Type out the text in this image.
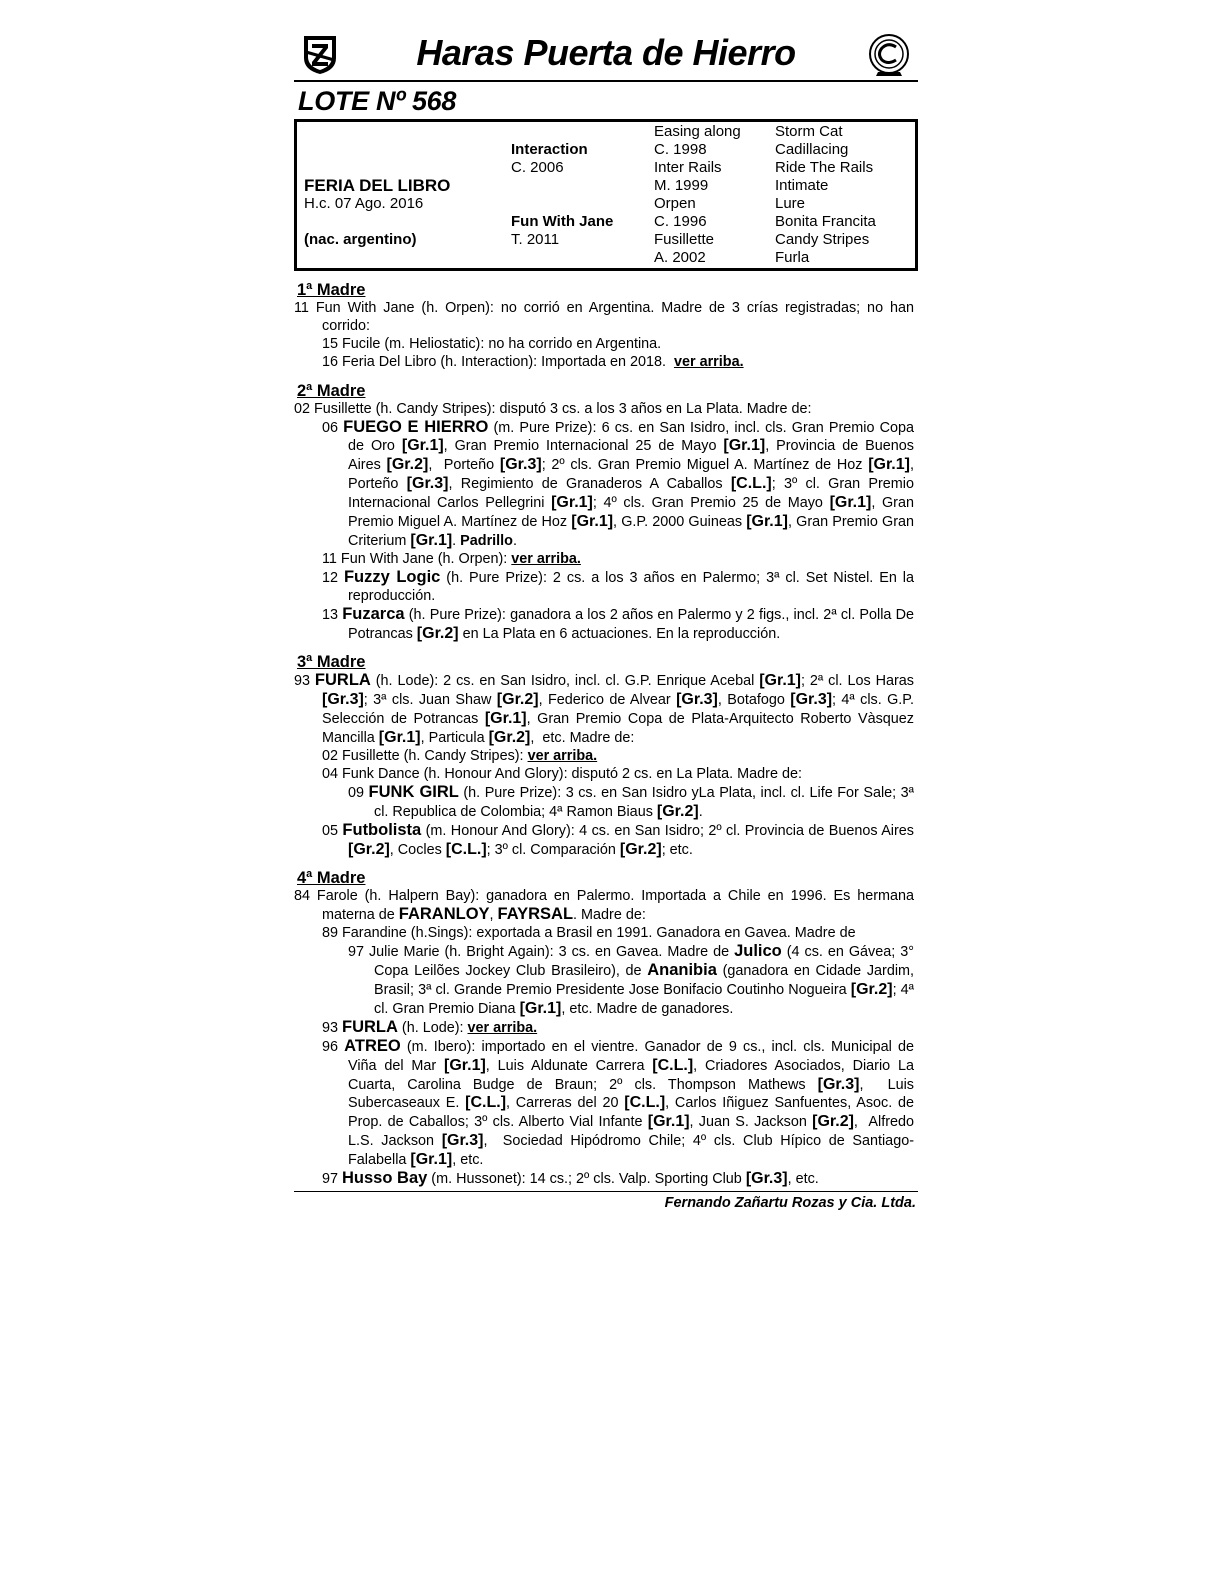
Haras Puerta de Hierro
LOTE Nº 568
FERIA DEL LIBRO
H.c. 07 Ago. 2016
(nac. argentino)
Interaction
C. 2006
Fun With Jane
T. 2011
Easing along
C. 1998
Inter Rails
M. 1999
Orpen
C. 1996
Fusillette
A. 2002
Storm Cat
Cadillacing
Ride The Rails
Intimate
Lure
Bonita Francita
Candy Stripes
Furla
1ª Madre
11 Fun With Jane (h. Orpen): no corrió en Argentina. Madre de 3 crías registradas; no han corrido:
15 Fucile (m. Heliostatic): no ha corrido en Argentina.
16 Feria Del Libro (h. Interaction): Importada en 2018.  ver arriba.
2ª Madre
02 Fusillette (h. Candy Stripes): disputó 3 cs. a los 3 años en La Plata. Madre de:
06 FUEGO E HIERRO (m. Pure Prize): 6 cs. en San Isidro, incl. cls. Gran Premio Copa de Oro [Gr.1], Gran Premio Internacional 25 de Mayo [Gr.1], Provincia de Buenos Aires [Gr.2],  Porteño [Gr.3]; 2º cls. Gran Premio Miguel A. Martínez de Hoz [Gr.1], Porteño [Gr.3], Regimiento de Granaderos A Caballos [C.L.]; 3º cl. Gran Premio Internacional Carlos Pellegrini [Gr.1]; 4º cls. Gran Premio 25 de Mayo [Gr.1], Gran Premio Miguel A. Martínez de Hoz [Gr.1], G.P. 2000 Guineas [Gr.1], Gran Premio Gran Criterium [Gr.1]. Padrillo.
11 Fun With Jane (h. Orpen): ver arriba.
12 Fuzzy Logic (h. Pure Prize): 2 cs. a los 3 años en Palermo; 3ª cl. Set Nistel. En la reproducción.
13 Fuzarca (h. Pure Prize): ganadora a los 2 años en Palermo y 2 figs., incl. 2ª cl. Polla De Potrancas [Gr.2] en La Plata en 6 actuaciones. En la reproducción.
3ª Madre
93 FURLA (h. Lode): 2 cs. en San Isidro, incl. cl. G.P. Enrique Acebal [Gr.1]; 2ª cl. Los Haras [Gr.3]; 3ª cls. Juan Shaw [Gr.2], Federico de Alvear [Gr.3], Botafogo [Gr.3]; 4ª cls. G.P. Selección de Potrancas [Gr.1], Gran Premio Copa de Plata-Arquitecto Roberto Vàsquez Mancilla [Gr.1], Particula [Gr.2],  etc. Madre de:
02 Fusillette (h. Candy Stripes): ver arriba.
04 Funk Dance (h. Honour And Glory): disputó 2 cs. en La Plata. Madre de:
09 FUNK GIRL (h. Pure Prize): 3 cs. en San Isidro yLa Plata, incl. cl. Life For Sale; 3ª cl. Republica de Colombia; 4ª Ramon Biaus [Gr.2].
05 Futbolista (m. Honour And Glory): 4 cs. en San Isidro; 2º cl. Provincia de Buenos Aires [Gr.2], Cocles [C.L.]; 3º cl. Comparación [Gr.2]; etc.
4ª Madre
84 Farole (h. Halpern Bay): ganadora en Palermo. Importada a Chile en 1996. Es hermana materna de FARANLOY, FAYRSAL. Madre de:
89 Farandine (h.Sings): exportada a Brasil en 1991. Ganadora en Gavea. Madre de
97 Julie Marie (h. Bright Again): 3 cs. en Gavea. Madre de Julico (4 cs. en Gávea; 3° Copa Leilões Jockey Club Brasileiro), de Ananibia (ganadora en Cidade Jardim, Brasil; 3ª cl. Grande Premio Presidente Jose Bonifacio Coutinho Nogueira [Gr.2]; 4ª cl. Gran Premio Diana [Gr.1], etc. Madre de ganadores.
93 FURLA (h. Lode): ver arriba.
96 ATREO (m. Ibero): importado en el vientre. Ganador de 9 cs., incl. cls. Municipal de Viña del Mar [Gr.1], Luis Aldunate Carrera [C.L.], Criadores Asociados, Diario La Cuarta, Carolina Budge de Braun; 2º cls. Thompson Mathews [Gr.3],  Luis Subercaseaux E. [C.L.], Carreras del 20 [C.L.], Carlos Iñiguez Sanfuentes, Asoc. de Prop. de Caballos; 3º cls. Alberto Vial Infante [Gr.1], Juan S. Jackson [Gr.2],  Alfredo L.S. Jackson [Gr.3],  Sociedad Hipódromo Chile; 4º cls. Club Hípico de Santiago-Falabella [Gr.1], etc.
97 Husso Bay (m. Hussonet): 14 cs.; 2º cls. Valp. Sporting Club [Gr.3], etc.
Fernando Zañartu Rozas y Cia. Ltda.
